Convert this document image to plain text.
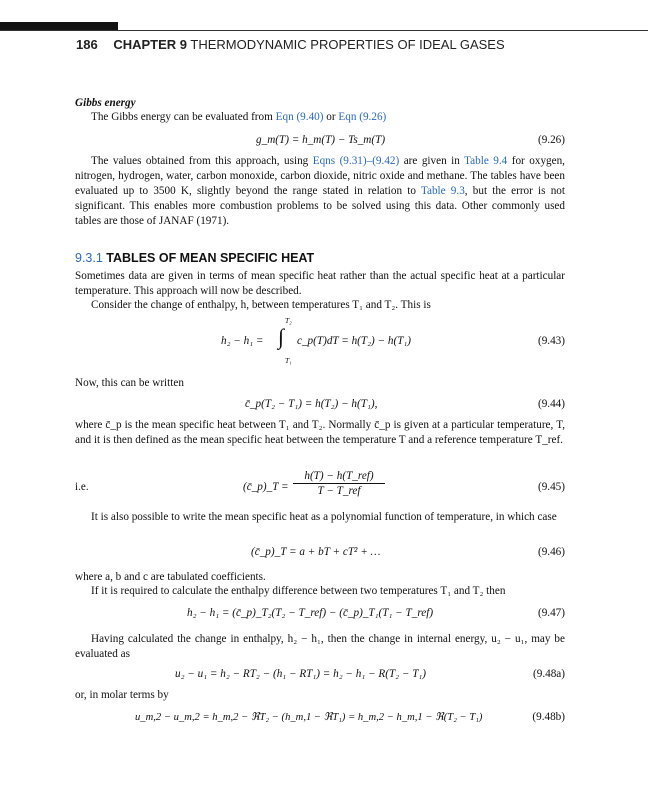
186 CHAPTER 9 THERMODYNAMIC PROPERTIES OF IDEAL GASES
Gibbs energy
The Gibbs energy can be evaluated from Eqn (9.40) or Eqn (9.26)
g_m(T) = h_m(T) − Ts_m(T)	(9.26)
The values obtained from this approach, using Eqns (9.31)–(9.42) are given in Table 9.4 for oxygen, nitrogen, hydrogen, water, carbon monoxide, carbon dioxide, nitric oxide and methane. The tables have been evaluated up to 3500 K, slightly beyond the range stated in relation to Table 9.3, but the error is not significant. This enables more combustion problems to be solved using this data. Other commonly used tables are those of JANAF (1971).
9.3.1 TABLES OF MEAN SPECIFIC HEAT
Sometimes data are given in terms of mean specific heat rather than the actual specific heat at a particular temperature. This approach will now be described.
Consider the change of enthalpy, h, between temperatures T₁ and T₂. This is
h₂ − h₁ =
T₂
∫
T₁
c_p(T)dT = h(T₂) − h(T₁)	(9.43)
Now, this can be written
c̄_p(T₂ − T₁) = h(T₂) − h(T₁),	(9.44)
where c̄_p is the mean specific heat between T₁ and T₂. Normally c̄_p is given at a particular temperature, T, and it is then defined as the mean specific heat between the temperature T and a reference temperature T_ref.
i.e.	(c̄_p)_T =
h(T) − h(T_ref)
T − T_ref	(9.45)
It is also possible to write the mean specific heat as a polynomial function of temperature, in which case
(c̄_p)_T = a + bT + cT² + …	(9.46)
where a, b and c are tabulated coefficients.
If it is required to calculate the enthalpy difference between two temperatures T₁ and T₂ then
h₂ − h₁ = (c̄_p)_T₂(T₂ − T_ref) − (c̄_p)_T₁(T₁ − T_ref)	(9.47)
Having calculated the change in enthalpy, h₂ − h₁, then the change in internal energy, u₂ − u₁, may be evaluated as
u₂ − u₁ = h₂ − RT₂ − (h₁ − RT₁) = h₂ − h₁ − R(T₂ − T₁)	(9.48a)
or, in molar terms by
u_m,2 − u_m,2 = h_m,2 − ℜT₂ − (h_m,1 − ℜT₁) = h_m,2 − h_m,1 − ℜ(T₂ − T₁)	(9.48b)
